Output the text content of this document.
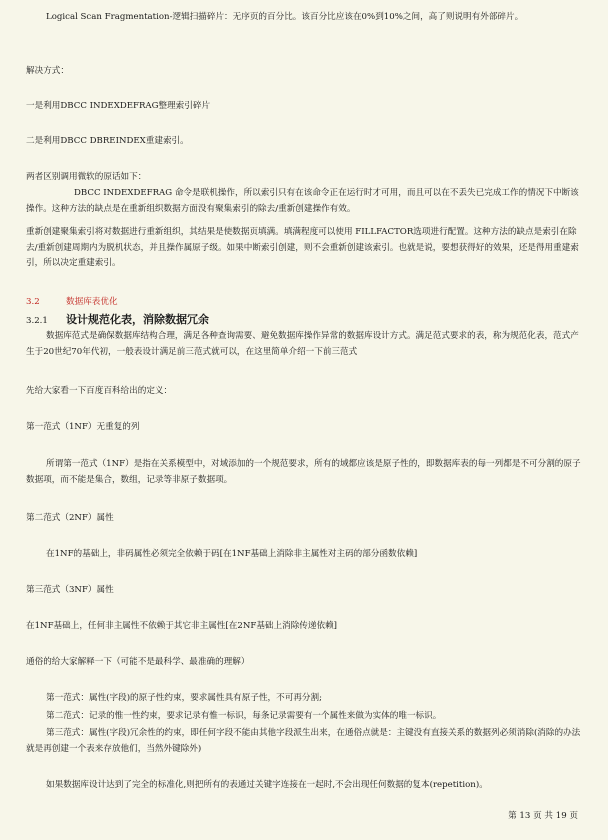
Logical Scan Fragmentation-逻辑扫描碎片：无序页的百分比。该百分比应该在0%到10%之间，高了则说明有外部碎片。
解决方式：
一是利用DBCC INDEXDEFRAG整理索引碎片
二是利用DBCC DBREINDEX重建索引。
两者区别调用微软的原话如下：
DBCC INDEXDEFRAG 命令是联机操作，所以索引只有在该命令正在运行时才可用，而且可以在不丢失已完成工作的情况下中断该操作。这种方法的缺点是在重新组织数据方面没有聚集索引的除去/重新创建操作有效。
重新创建聚集索引将对数据进行重新组织，其结果是使数据页填满。填满程度可以使用 FILLFACTOR选项进行配置。这种方法的缺点是索引在除去/重新创建周期内为脱机状态，并且操作属原子级。如果中断索引创建，则不会重新创建该索引。也就是说，要想获得好的效果，还是得用重建索引，所以决定重建索引。
3.2	数据库表优化
3.2.1 设计规范化表，消除数据冗余
数据库范式是确保数据库结构合理，满足各种查询需要、避免数据库操作异常的数据库设计方式。满足范式要求的表，称为规范化表，范式产生于20世纪70年代初，一般表设计满足前三范式就可以，在这里简单介绍一下前三范式
先给大家看一下百度百科给出的定义：
第一范式（1NF）无重复的列
所谓第一范式（1NF）是指在关系模型中，对域添加的一个规范要求，所有的域都应该是原子性的，即数据库表的每一列都是不可分割的原子数据项，而不能是集合，数组，记录等非原子数据项。
第二范式（2NF）属性
在1NF的基础上，非码属性必须完全依赖于码[在1NF基础上消除非主属性对主码的部分函数依赖]
第三范式（3NF）属性
在1NF基础上，任何非主属性不依赖于其它非主属性[在2NF基础上消除传递依赖]
通俗的给大家解释一下（可能不是最科学、最准确的理解）
第一范式：属性(字段)的原子性约束，要求属性具有原子性，不可再分割;
第二范式：记录的惟一性约束，要求记录有惟一标识，每条记录需要有一个属性来做为实体的唯一标识。
第三范式：属性(字段)冗余性的约束，即任何字段不能由其他字段派生出来，在通俗点就是：主键没有直接关系的数据列必须消除(消除的办法就是再创建一个表来存放他们，当然外键除外)
如果数据库设计达到了完全的标准化,则把所有的表通过关键字连接在一起时,不会出现任何数据的复本(repetition)。
第 13 页 共 19 页
